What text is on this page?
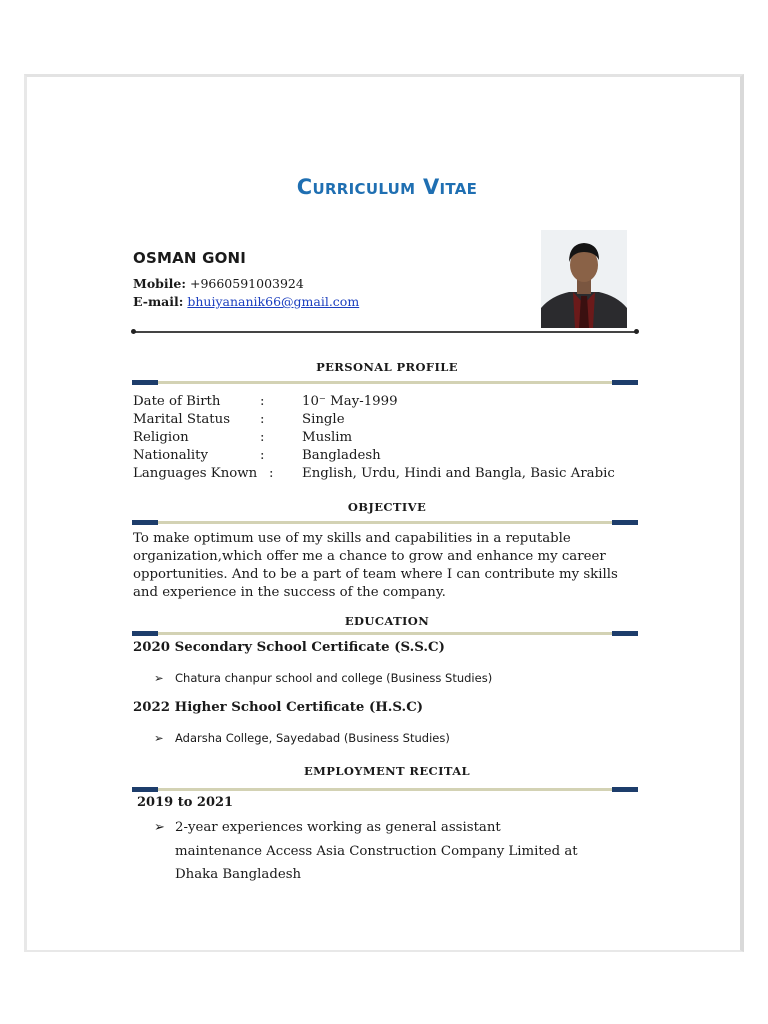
Curriculum Vitae
OSMAN GONI
Mobile: +9660591003924
E-mail: bhuiyananik66@gmail.com
PERSONAL PROFILE
Date of Birth	:	10⁻ May-1999
Marital Status :	Single
Religion	:	Muslim
Nationality	:	Bangladesh
Languages Known : English, Urdu, Hindi and Bangla, Basic Arabic
OBJECTIVE
To make optimum use of my skills and capabilities in a reputable organization,which offer me a chance to grow and enhance my career opportunities. And to be a part of team where I can contribute my skills and experience in the success of the company.
EDUCATION
2020 Secondary School Certificate (S.S.C)
➢ Chatura chanpur school and college (Business Studies)
2022 Higher School Certificate (H.S.C)
➢ Adarsha College, Sayedabad (Business Studies)
EMPLOYMENT RECITAL
2019 to 2021
➢ 2-year experiences working as general assistant
maintenance Access Asia Construction Company Limited at
Dhaka Bangladesh
